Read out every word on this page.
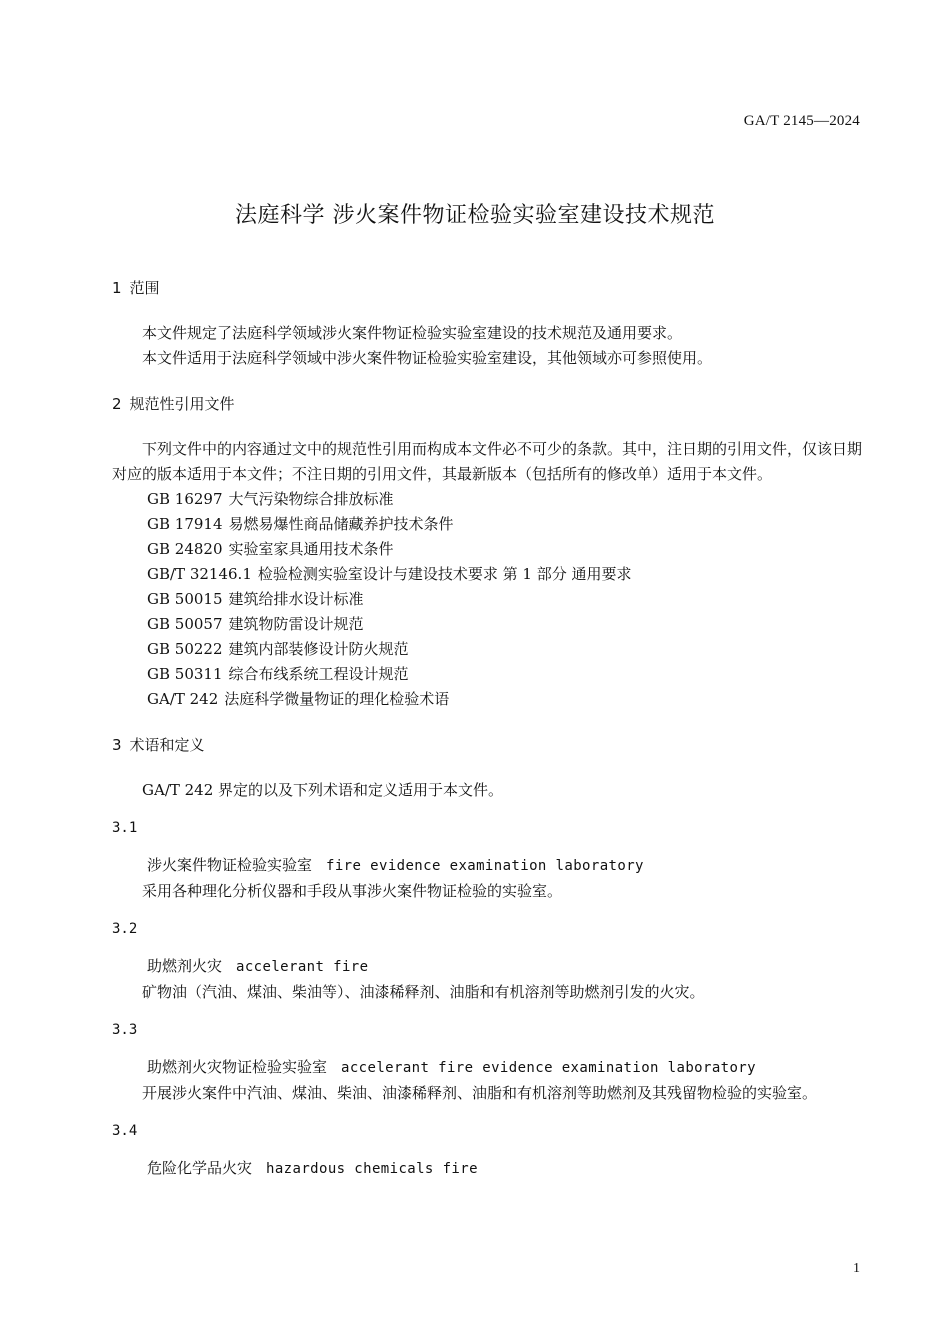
GA/T 2145—2024
法庭科学 涉火案件物证检验实验室建设技术规范

1 范围

本文件规定了法庭科学领域涉火案件物证检验实验室建设的技术规范及通用要求。

本文件适用于法庭科学领域中涉火案件物证检验实验室建设，其他领域亦可参照使用。

2 规范性引用文件

下列文件中的内容通过文中的规范性引用而构成本文件必不可少的条款。其中，注日期的引用文件，仅该日期对应的版本适用于本文件；不注日期的引用文件，其最新版本（包括所有的修改单）适用于本文件。

GB 16297 大气污染物综合排放标准

GB 17914 易燃易爆性商品储藏养护技术条件

GB 24820 实验室家具通用技术条件

GB/T 32146.1 检验检测实验室设计与建设技术要求 第 1 部分 通用要求

GB 50015 建筑给排水设计标准

GB 50057 建筑物防雷设计规范

GB 50222 建筑内部装修设计防火规范

GB 50311 综合布线系统工程设计规范

GA/T 242 法庭科学微量物证的理化检验术语

3 术语和定义

GA/T 242 界定的以及下列术语和定义适用于本文件。

3.1

涉火案件物证检验实验室 fire evidence examination laboratory

采用各种理化分析仪器和手段从事涉火案件物证检验的实验室。

3.2

助燃剂火灾 accelerant fire

矿物油（汽油、煤油、柴油等）、油漆稀释剂、油脂和有机溶剂等助燃剂引发的火灾。

3.3

助燃剂火灾物证检验实验室 accelerant fire evidence examination laboratory

开展涉火案件中汽油、煤油、柴油、油漆稀释剂、油脂和有机溶剂等助燃剂及其残留物检验的实验室。

3.4

危险化学品火灾 hazardous chemicals fire

1
